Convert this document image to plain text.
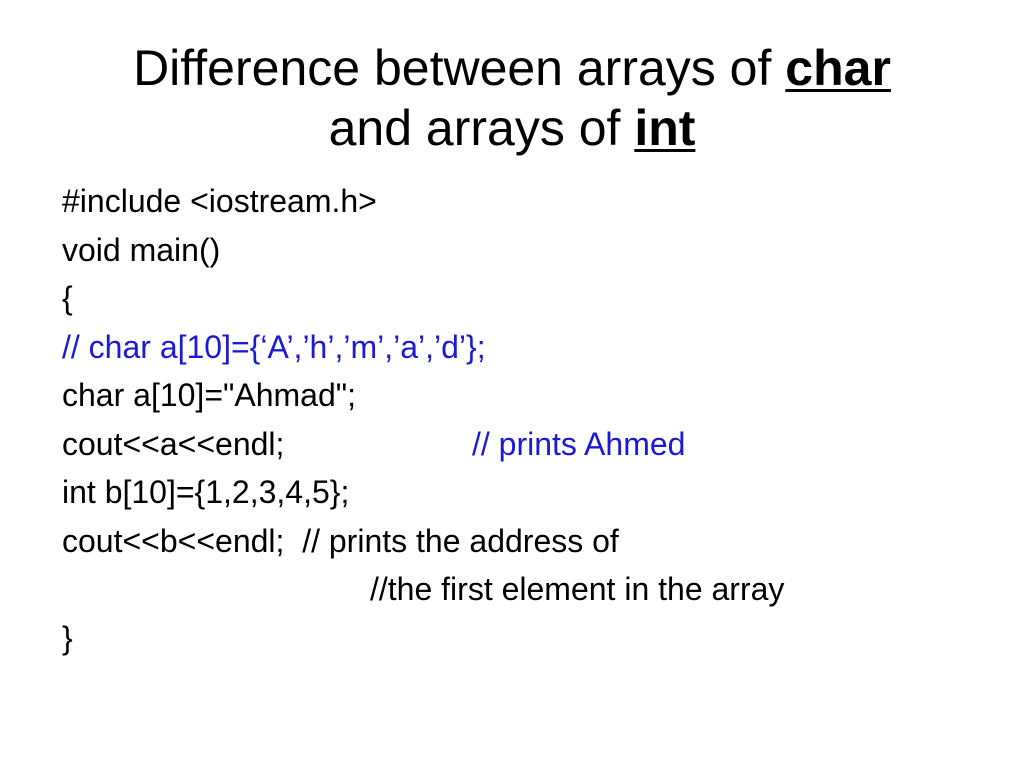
Difference between arrays of char
and arrays of int
#include <iostream.h>
void main()
{
// char a[10]={‘A’,’h’,’m’,’a’,’d’};
char a[10]="Ahmad";
cout<<a<<endl;	// prints Ahmed
int b[10]={1,2,3,4,5};
cout<<b<<endl;  // prints the address of
//the first element in the array
}
